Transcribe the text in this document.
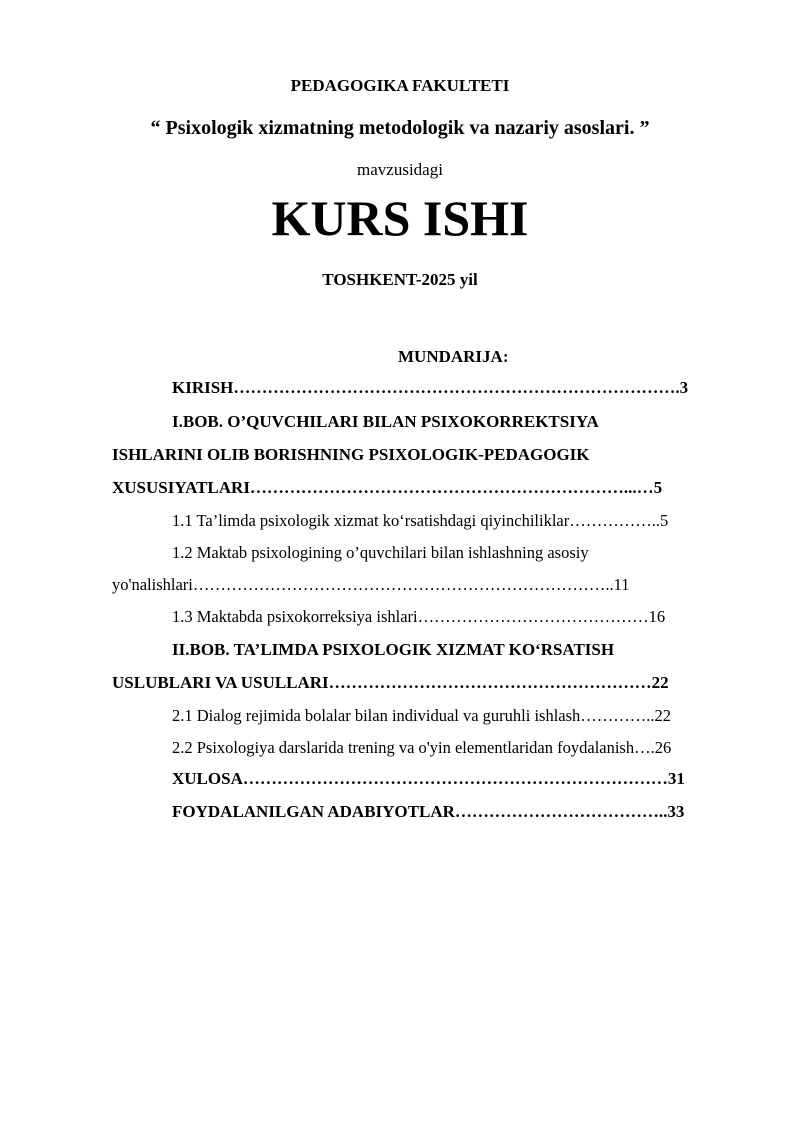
PEDAGOGIKA FAKULTETI

“ Psixologik xizmatning metodologik va nazariy asoslari. ”

mavzusidagi

KURS ISHI

TOSHKENT-2025 yil

MUNDARIJA:

KIRISH…………………………………………………………………….3

I.BOB. O’QUVCHILARI BILAN PSIXOKORREKTSIYA

ISHLARINI OLIB BORISHNING PSIXOLOGIK-PEDAGOGIK

XUSUSIYATLARI…………………………………………………………...…5

1.1 Ta’limda psixologik xizmat koʻrsatishdagi qiyinchiliklar……………..5

1.2 Maktab psixologining o’quvchilari bilan ishlashning asosiy

yo'nalishlari…………………………………………………………………..11

1.3 Maktabda psixokorreksiya ishlari……………………………………16

II.BOB. TA’LIMDA PSIXOLOGIK XIZMAT KOʻRSATISH

USLUBLARI VA USULLARI…………………………………………………22

2.1 Dialog rejimida bolalar bilan individual va guruhli ishlash…………..22

2.2 Psixologiya darslarida trening va o'yin elementlaridan foydalanish….26

XULOSA…………………………………………………………………31

FOYDALANILGAN ADABIYOTLAR………………………………..33
